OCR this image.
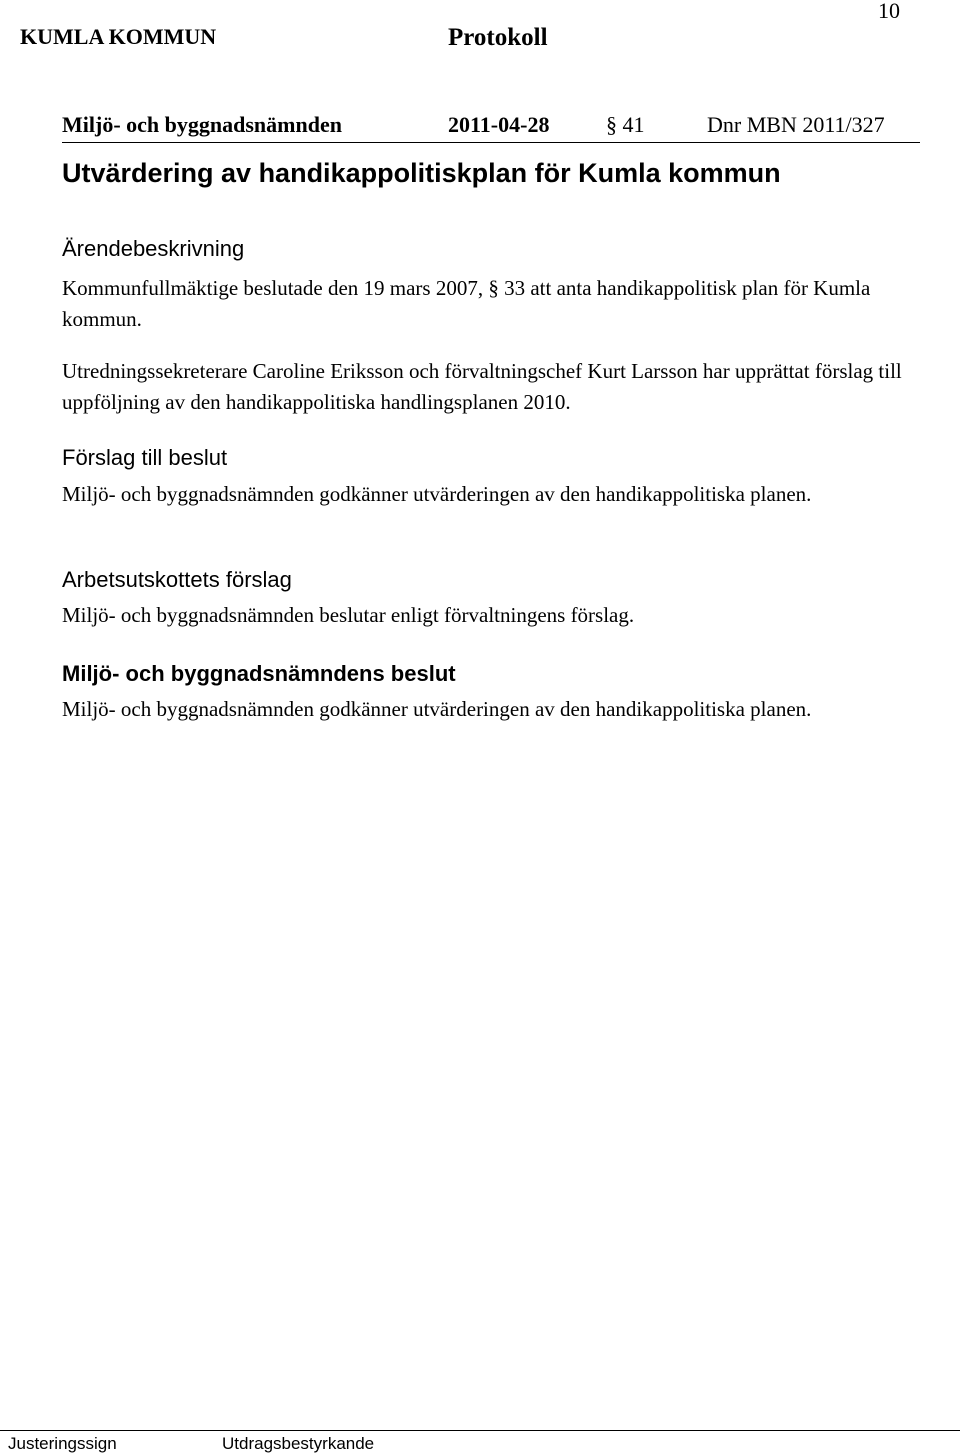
10
KUMLA KOMMUN	Protokoll
Miljö- och byggnadsnämnden	2011-04-28	§ 41	Dnr MBN 2011/327
Utvärdering av handikappolitiskplan för Kumla kommun
Ärendebeskrivning
Kommunfullmäktige beslutade den 19 mars 2007, § 33 att anta handikappolitisk plan för Kumla kommun.
Utredningssekreterare Caroline Eriksson och förvaltningschef Kurt Larsson har upprättat förslag till uppföljning av den handikappolitiska handlingsplanen 2010.
Förslag till beslut
Miljö- och byggnadsnämnden godkänner utvärderingen av den handikappolitiska planen.
Arbetsutskottets förslag
Miljö- och byggnadsnämnden beslutar enligt förvaltningens förslag.
Miljö- och byggnadsnämndens beslut
Miljö- och byggnadsnämnden godkänner utvärderingen av den handikappolitiska planen.
Justeringssign	Utdragsbestyrkande
